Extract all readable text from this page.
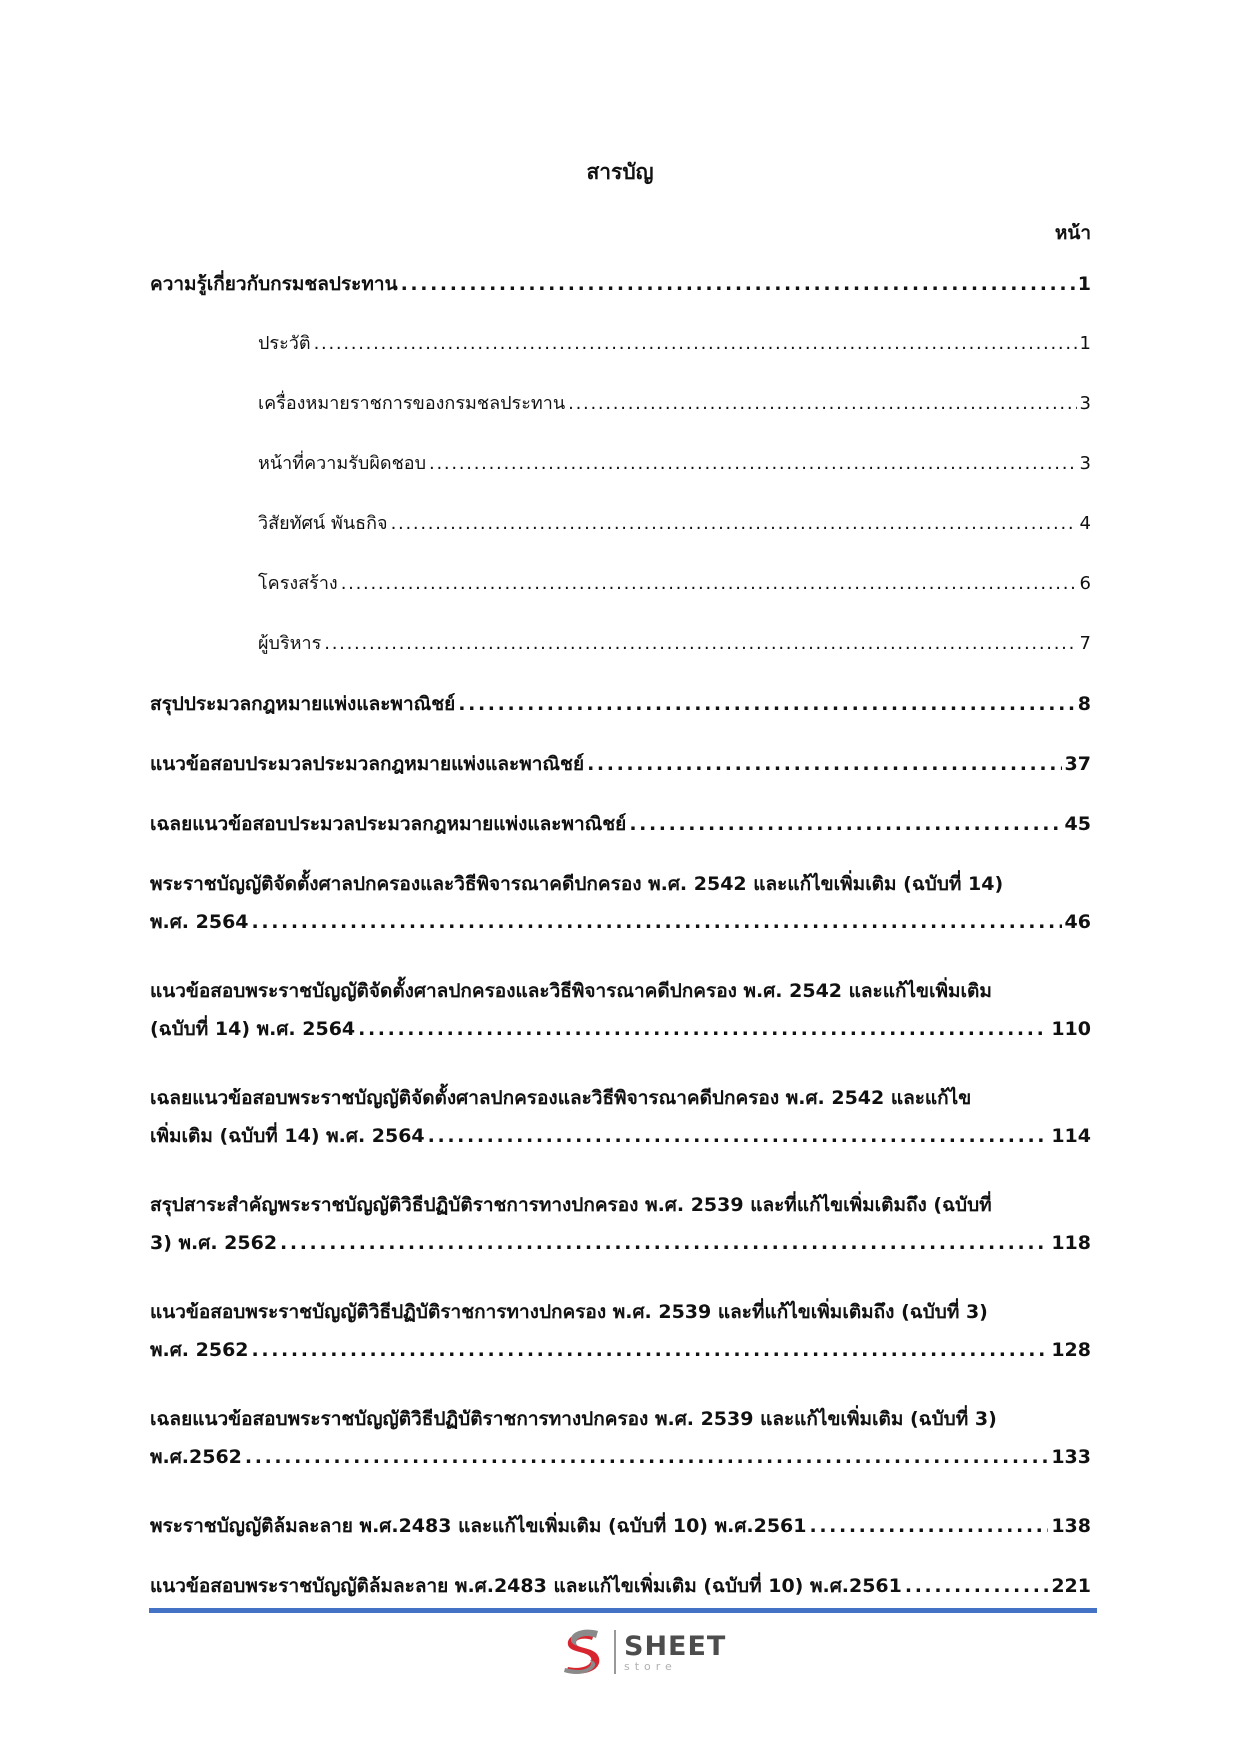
สารบัญ
หน้า
ความรู้เกี่ยวกับกรมชลประทาน . . .	1
ประวัติ . . .	1
เครื่องหมายราชการของกรมชลประทาน . . .	3
หน้าที่ความรับผิดชอบ . . .	3
วิสัยทัศน์ พันธกิจ . . .	4
โครงสร้าง . . .	6
ผู้บริหาร . . .	7
สรุปประมวลกฎหมายแพ่งและพาณิชย์ . . .	8
แนวข้อสอบประมวลประมวลกฎหมายแพ่งและพาณิชย์ . . .	37
เฉลยแนวข้อสอบประมวลประมวลกฎหมายแพ่งและพาณิชย์ . . .	45
พระราชบัญญัติจัดตั้งศาลปกครองและวิธีพิจารณาคดีปกครอง พ.ศ. 2542 และแก้ไขเพิ่มเติม (ฉบับที่ 14)
พ.ศ. 2564 . . .	46
แนวข้อสอบพระราชบัญญัติจัดตั้งศาลปกครองและวิธีพิจารณาคดีปกครอง พ.ศ. 2542 และแก้ไขเพิ่มเติม
(ฉบับที่ 14) พ.ศ. 2564 . . .	110
เฉลยแนวข้อสอบพระราชบัญญัติจัดตั้งศาลปกครองและวิธีพิจารณาคดีปกครอง พ.ศ. 2542 และแก้ไข
เพิ่มเติม (ฉบับที่ 14) พ.ศ. 2564 . . .	114
สรุปสาระสำคัญพระราชบัญญัติวิธีปฏิบัติราชการทางปกครอง พ.ศ. 2539 และที่แก้ไขเพิ่มเติมถึง (ฉบับที่
3) พ.ศ. 2562 . . .	118
แนวข้อสอบพระราชบัญญัติวิธีปฏิบัติราชการทางปกครอง พ.ศ. 2539 และที่แก้ไขเพิ่มเติมถึง (ฉบับที่ 3)
พ.ศ. 2562 . . .	128
เฉลยแนวข้อสอบพระราชบัญญัติวิธีปฏิบัติราชการทางปกครอง พ.ศ. 2539 และแก้ไขเพิ่มเติม (ฉบับที่ 3)
พ.ศ.2562 . . .	133
พระราชบัญญัติล้มละลาย พ.ศ.2483 และแก้ไขเพิ่มเติม (ฉบับที่ 10) พ.ศ.2561 . . .	138
แนวข้อสอบพระราชบัญญัติล้มละลาย พ.ศ.2483 และแก้ไขเพิ่มเติม (ฉบับที่ 10) พ.ศ.2561 . . .	221
SHEET
store
